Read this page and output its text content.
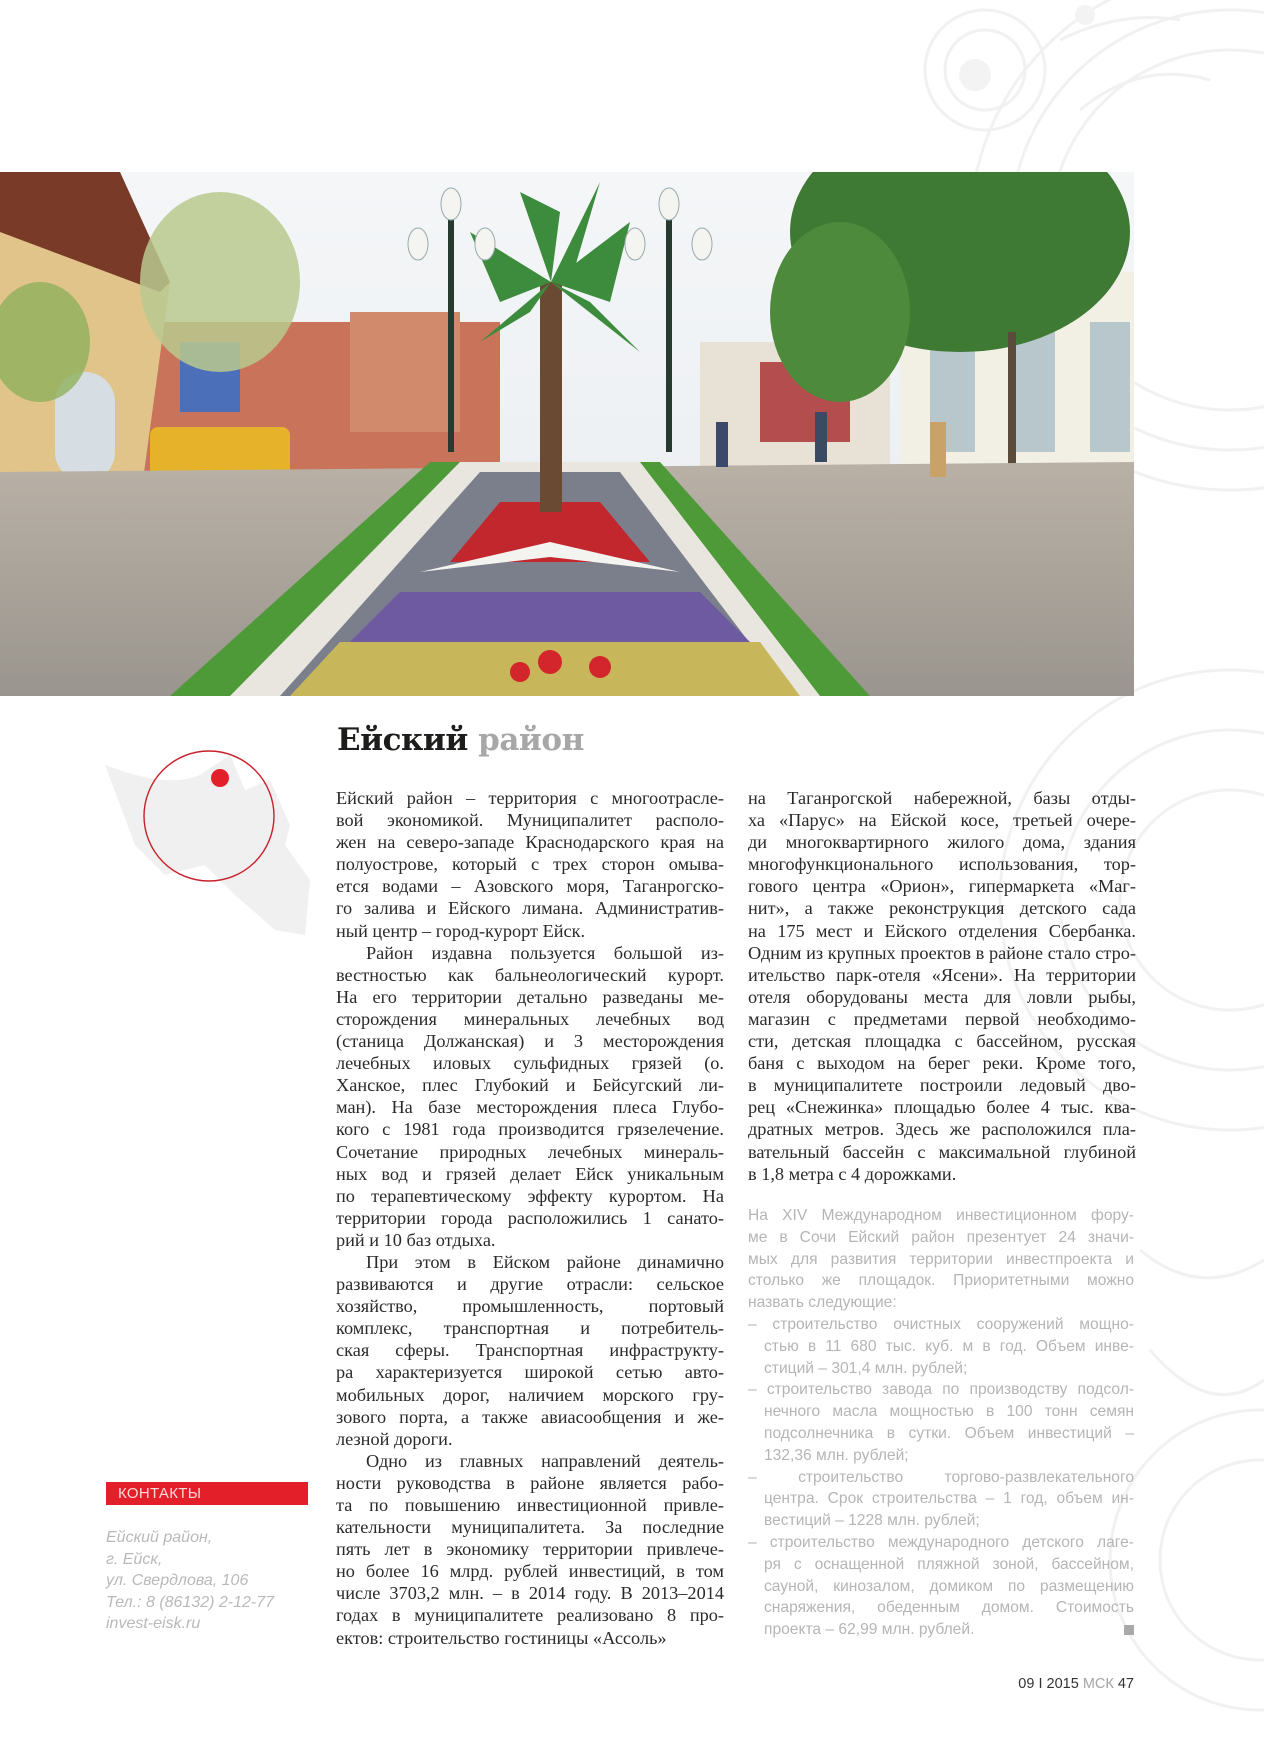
Ейский район

Ейский район – территория с многоотрасле-
вой экономикой. Муниципалитет располо-
жен на северо-западе Краснодарского края на
полуострове, который с трех сторон омыва-
ется водами – Азовского моря, Таганрогско-
го залива и Ейского лимана. Административ-
ный центр – город-курорт Ейск.

Район издавна пользуется большой из-
вестностью как бальнеологический курорт.
На его территории детально разведаны ме-
сторождения минеральных лечебных вод
(станица Должанская) и 3 месторождения
лечебных иловых сульфидных грязей (о.
Ханское, плес Глубокий и Бейсугский ли-
ман). На базе месторождения плеса Глубо-
кого с 1981 года производится грязелечение.
Сочетание природных лечебных минераль-
ных вод и грязей делает Ейск уникальным
по терапевтическому эффекту курортом. На
территории города расположились 1 санато-
рий и 10 баз отдыха.

При этом в Ейском районе динамично
развиваются и другие отрасли: сельское
хозяйство, промышленность, портовый
комплекс, транспортная и потребитель-
ская сферы. Транспортная инфраструкту-
ра характеризуется широкой сетью авто-
мобильных дорог, наличием морского гру-
зового порта, а также авиасообщения и же-
лезной дороги.

Одно из главных направлений деятель-
ности руководства в районе является рабо-
та по повышению инвестиционной привле-
кательности муниципалитета. За последние
пять лет в экономику территории привлече-
но более 16 млрд. рублей инвестиций, в том
числе 3703,2 млн. – в 2014 году. В 2013–2014
годах в муниципалитете реализовано 8 про-
ектов: строительство гостиницы «Ассоль»

на Таганрогской набережной, базы отды-
ха «Парус» на Ейской косе, третьей очере-
ди многоквартирного жилого дома, здания
многофункционального использования, тор-
гового центра «Орион», гипермаркета «Маг-
нит», а также реконструкция детского сада
на 175 мест и Ейского отделения Сбербанка.
Одним из крупных проектов в районе стало стро-
ительство парк-отеля «Ясени». На территории
отеля оборудованы места для ловли рыбы,
магазин с предметами первой необходимо-
сти, детская площадка с бассейном, русская
баня с выходом на берег реки. Кроме того,
в муниципалитете построили ледовый дво-
рец «Снежинка» площадью более 4 тыс. ква-
дратных метров. Здесь же расположился пла-
вательный бассейн с максимальной глубиной
в 1,8 метра с 4 дорожками.

На XIV Международном инвестиционном фору-
ме в Сочи Ейский район презентует 24 значи-
мых для развития территории инвестпроекта и
столько же площадок. Приоритетными можно
назвать следующие:
– строительство очистных сооружений мощно-
стью в 11 680 тыс. куб. м в год. Объем инве-
стиций – 301,4 млн. рублей;
– строительство завода по производству подсол-
нечного масла мощностью в 100 тонн семян
подсолнечника в сутки. Объем инвестиций –
132,36 млн. рублей;
– строительство торгово-развлекательного
центра. Срок строительства – 1 год, объем ин-
вестиций – 1228 млн. рублей;
– строительство международного детского лаге-
ря с оснащенной пляжной зоной, бассейном,
сауной, кинозалом, домиком по размещению
снаряжения, обеденным домом. Стоимость
проекта – 62,99 млн. рублей.
КОНТАКТЫ
Ейский район,
г. Ейск,
ул. Свердлова, 106
Тел.: 8 (86132) 2-12-77
invest-eisk.ru
09 I 2015 МСК 47
